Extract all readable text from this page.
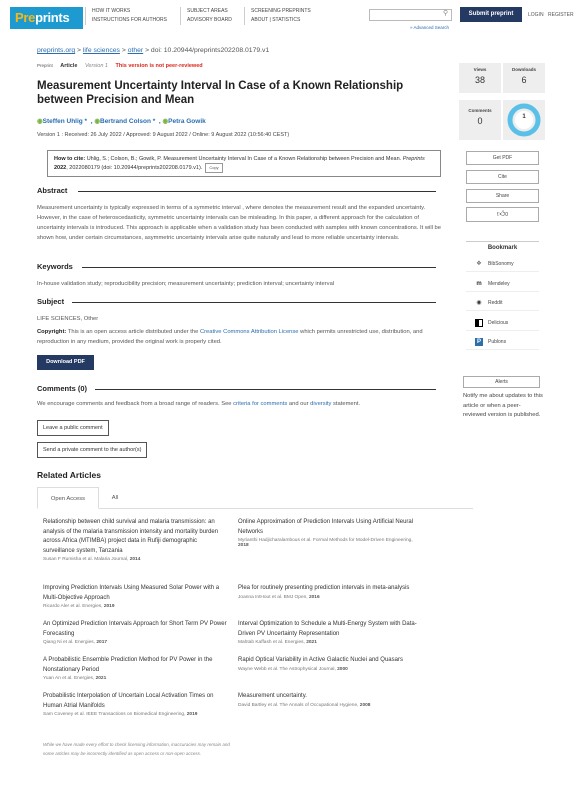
Preprints	HOW IT WORKS
INSTRUCTIONS FOR AUTHORS
SUBJECT AREAS
ADVISORY BOARD
SCREENING PREPRINTS
ABOUT | STATISTICS
⚲
» Advanced Search
Submit preprint	LOGIN REGISTER
preprints.org > life sciences > other > doi: 10.20944/preprints202208.0179.v1
Preprint Article Version 1 This version is not peer-reviewed
Measurement Uncertainty Interval In Case of a Known Relationship between Precision and Mean
◉Steffen Uhlig *  , ◉Bertrand Colson *  , ◉Petra Gowik
Version 1 : Received: 26 July 2022 / Approved: 9 August 2022 / Online: 9 August 2022 (10:56:40 CEST)
How to cite: Uhlig, S.; Colson, B.; Gowik, P. Measurement Uncertainty Interval In Case of a Known Relationship between Precision and Mean. Preprints 2022, 2022080179 (doi: 10.20944/preprints202208.0179.v1). Copy
Abstract
Measurement uncertainty is typically expressed in terms of a symmetric interval , where denotes the measurement result and the expanded uncertainty. However, in the case of heteroscedasticity, symmetric uncertainty intervals can be misleading. In this paper, a different approach for the calculation of uncertainty intervals is introduced. This approach is applicable when a validation study has been conducted with samples with known concentrations. It will be shown how, under certain circumstances, asymmetric uncertainty intervals arise quite naturally and lead to more reliable uncertainty intervals.
Keywords
In-house validation study; reproducibility precision; measurement uncertainty; prediction interval; uncertainty interval
Subject
LIFE SCIENCES, Other
Copyright: This is an open access article distributed under the Creative Commons Attribution License which permits unrestricted use, distribution, and reproduction in any medium, provided the original work is properly cited.
Download PDF
Comments (0)
We encourage comments and feedback from a broad range of readers. See criteria for comments and our diversity statement.
Leave a public comment
Send a private comment to the author(s)
Related Articles
Open Access	All
Relationship between child survival and malaria transmission: an analysis of the malaria transmission intensity and mortality burden across Africa (MTIMBA) project data in Rufiji demographic surveillance system, Tanzania
Susan F Rumisha et al. Malaria Journal, 2014
Improving Prediction Intervals Using Measured Solar Power with a Multi-Objective Approach
Ricardo Aler et al. Energies, 2019
An Optimized Prediction Intervals Approach for Short Term PV Power Forecasting
Qiang Ni et al. Energies, 2017
A Probabilistic Ensemble Prediction Method for PV Power in the Nonstationary Period
Yuan An et al. Energies, 2021
Probabilistic Interpolation of Uncertain Local Activation Times on Human Atrial Manifolds
Sam Coveney et al. IEEE Transactions on Biomedical Engineering, 2019
Online Approximation of Prediction Intervals Using Artificial Neural Networks
Myrianthi Hadjicharalambous et al. Formal Methods for Model-Driven Engineering, 2018
Plea for routinely presenting prediction intervals in meta-analysis
Joanna IntHout et al. BMJ Open, 2016
Interval Optimization to Schedule a Multi-Energy System with Data-Driven PV Uncertainty Representation
Mahtab Kaffash et al. Energies, 2021
Rapid Optical Variability in Active Galactic Nuclei and Quasars
Wayne Webb et al. The Astrophysical Journal, 2000
Measurement uncertainty.
David Bartley et al. The Annals of Occupational Hygiene, 2008
While we have made every effort to check licensing information, inaccuracies may remain and some articles may be incorrectly identified as open access or non-open access.
Views
38
Downloads
6
Comments
0	1
Get PDF
Cite
Share
👍︎0
Bookmark
❖ BibSonomy
m Mendeley
◉ Reddit
Delicious
P Publons
Alerts
Notify me about updates to this article or when a peer-reviewed version is published.
